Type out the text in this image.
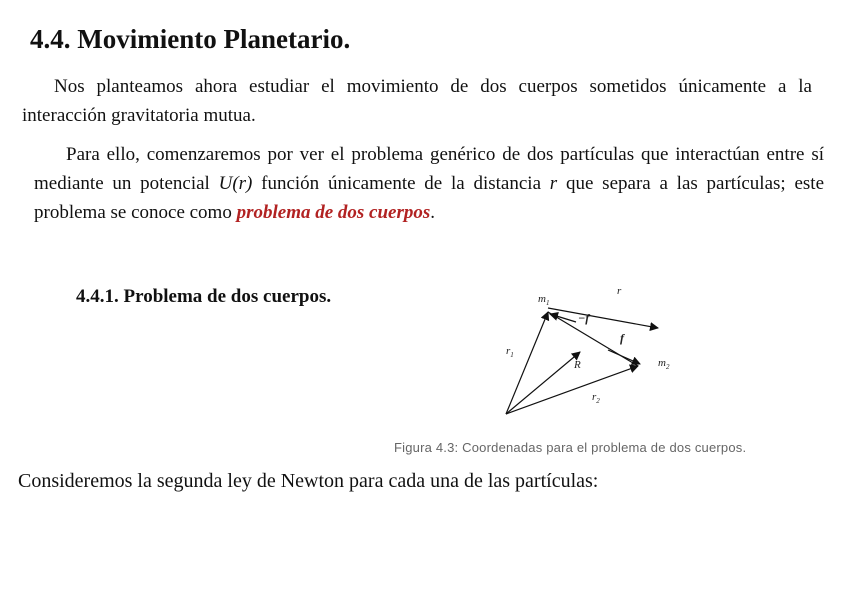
4.4. Movimiento Planetario.
Nos planteamos ahora estudiar el movimiento de dos cuerpos sometidos únicamente a la interacción gravitatoria mutua.
Para ello, comenzaremos por ver el problema genérico de dos partículas que interactúan entre sí mediante un potencial U(r) función únicamente de la distancia r que separa a las partículas; este problema se conoce como problema de dos cuerpos.
4.4.1. Problema de dos cuerpos.	$m_1$
r
−f
f
$m_2$
$r_1$
R
$r_2$
Figura 4.3: Coordenadas para el problema de dos cuerpos.
Consideremos la segunda ley de Newton para cada una de las partículas:
